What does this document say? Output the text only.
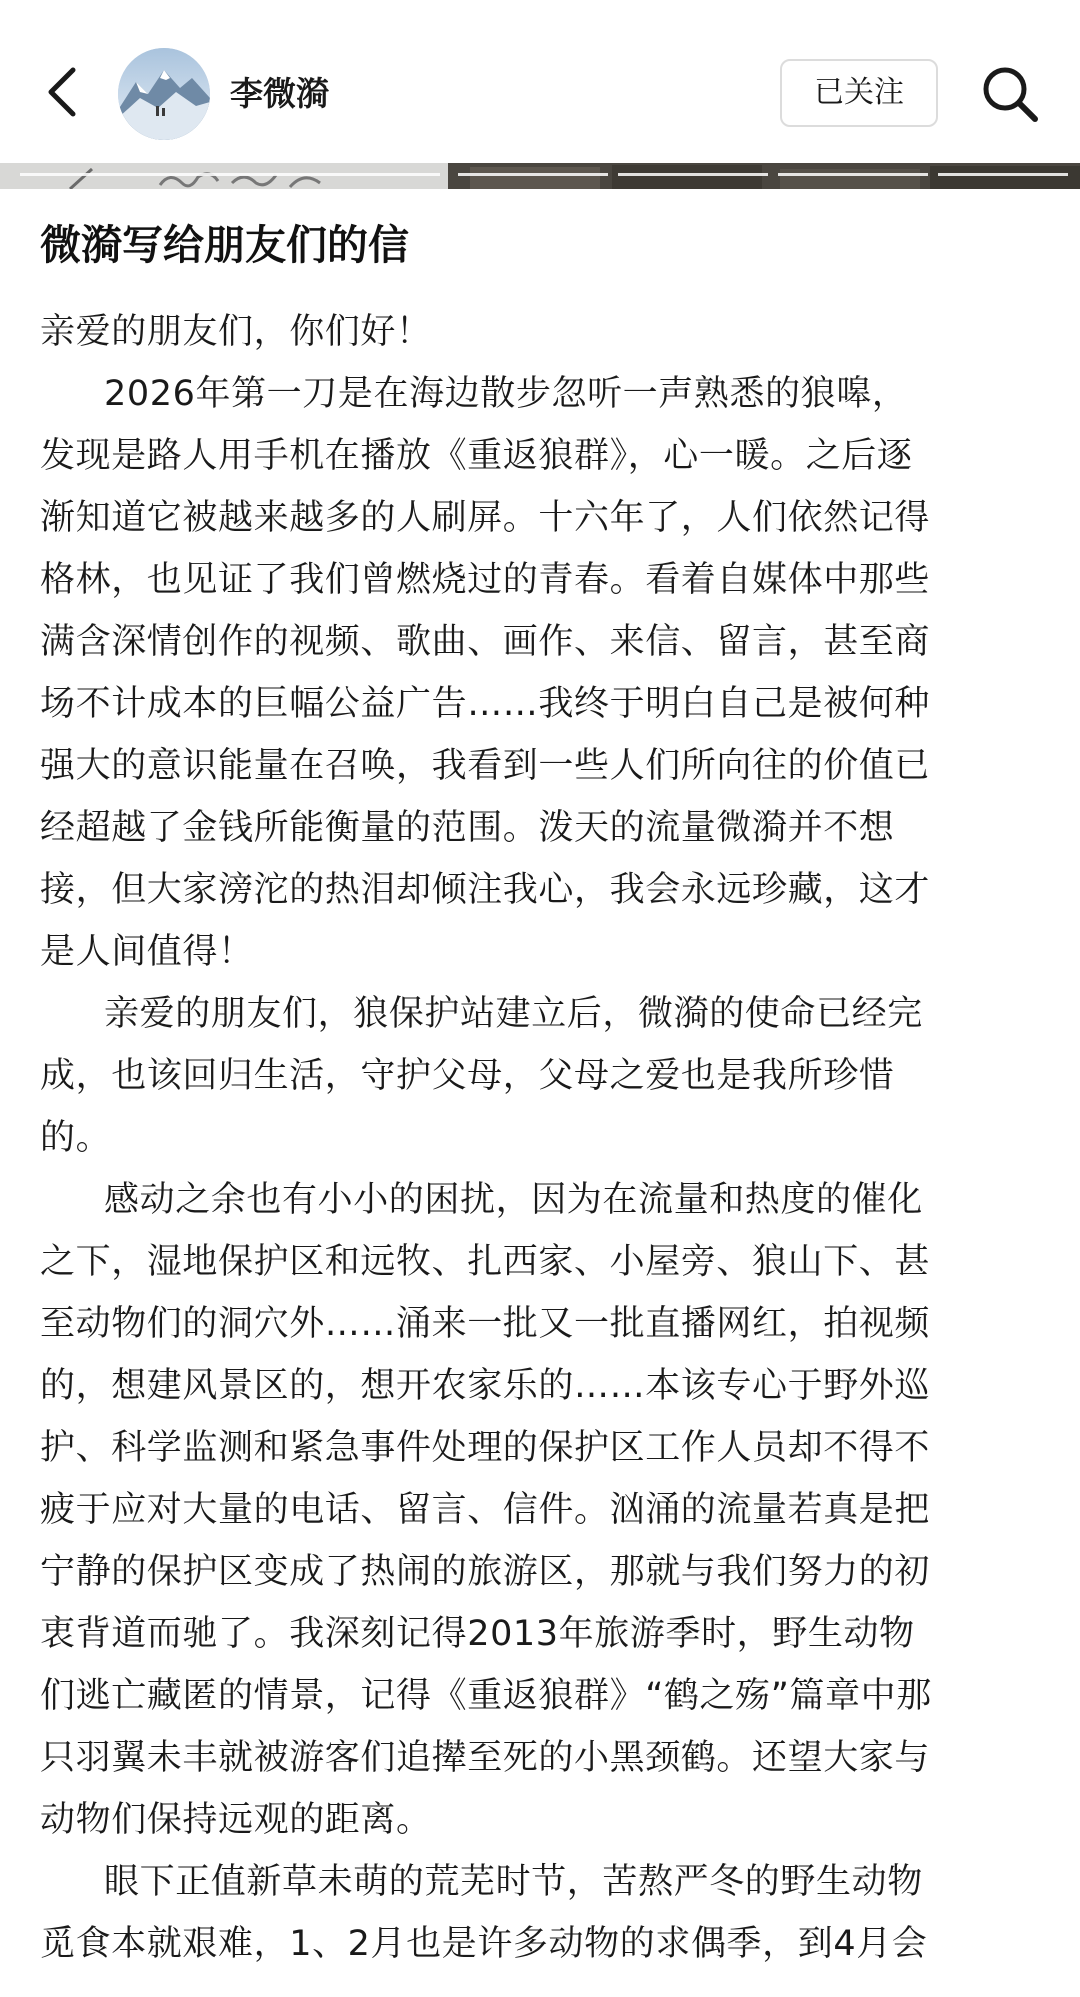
李微漪	已关注
微漪写给朋友们的信
亲爱的朋友们，你们好！
2026年第一刀是在海边散步忽听一声熟悉的狼嗥，
发现是路人用手机在播放《重返狼群》，心一暖。之后逐
渐知道它被越来越多的人刷屏。十六年了，人们依然记得
格林，也见证了我们曾燃烧过的青春。看着自媒体中那些
满含深情创作的视频、歌曲、画作、来信、留言，甚至商
场不计成本的巨幅公益广告……我终于明白自己是被何种
强大的意识能量在召唤，我看到一些人们所向往的价值已
经超越了金钱所能衡量的范围。泼天的流量微漪并不想
接，但大家滂沱的热泪却倾注我心，我会永远珍藏，这才
是人间值得！
亲爱的朋友们，狼保护站建立后，微漪的使命已经完
成，也该回归生活，守护父母，父母之爱也是我所珍惜
的。
感动之余也有小小的困扰，因为在流量和热度的催化
之下，湿地保护区和远牧、扎西家、小屋旁、狼山下、甚
至动物们的洞穴外……涌来一批又一批直播网红，拍视频
的，想建风景区的，想开农家乐的……本该专心于野外巡
护、科学监测和紧急事件处理的保护区工作人员却不得不
疲于应对大量的电话、留言、信件。汹涌的流量若真是把
宁静的保护区变成了热闹的旅游区，那就与我们努力的初
衷背道而驰了。我深刻记得2013年旅游季时，野生动物
们逃亡藏匿的情景，记得《重返狼群》“鹤之殇”篇章中那
只羽翼未丰就被游客们追撵至死的小黑颈鹤。还望大家与
动物们保持远观的距离。
眼下正值新草未萌的荒芜时节，苦熬严冬的野生动物
觅食本就艰难，1、2月也是许多动物的求偶季，到4月会
